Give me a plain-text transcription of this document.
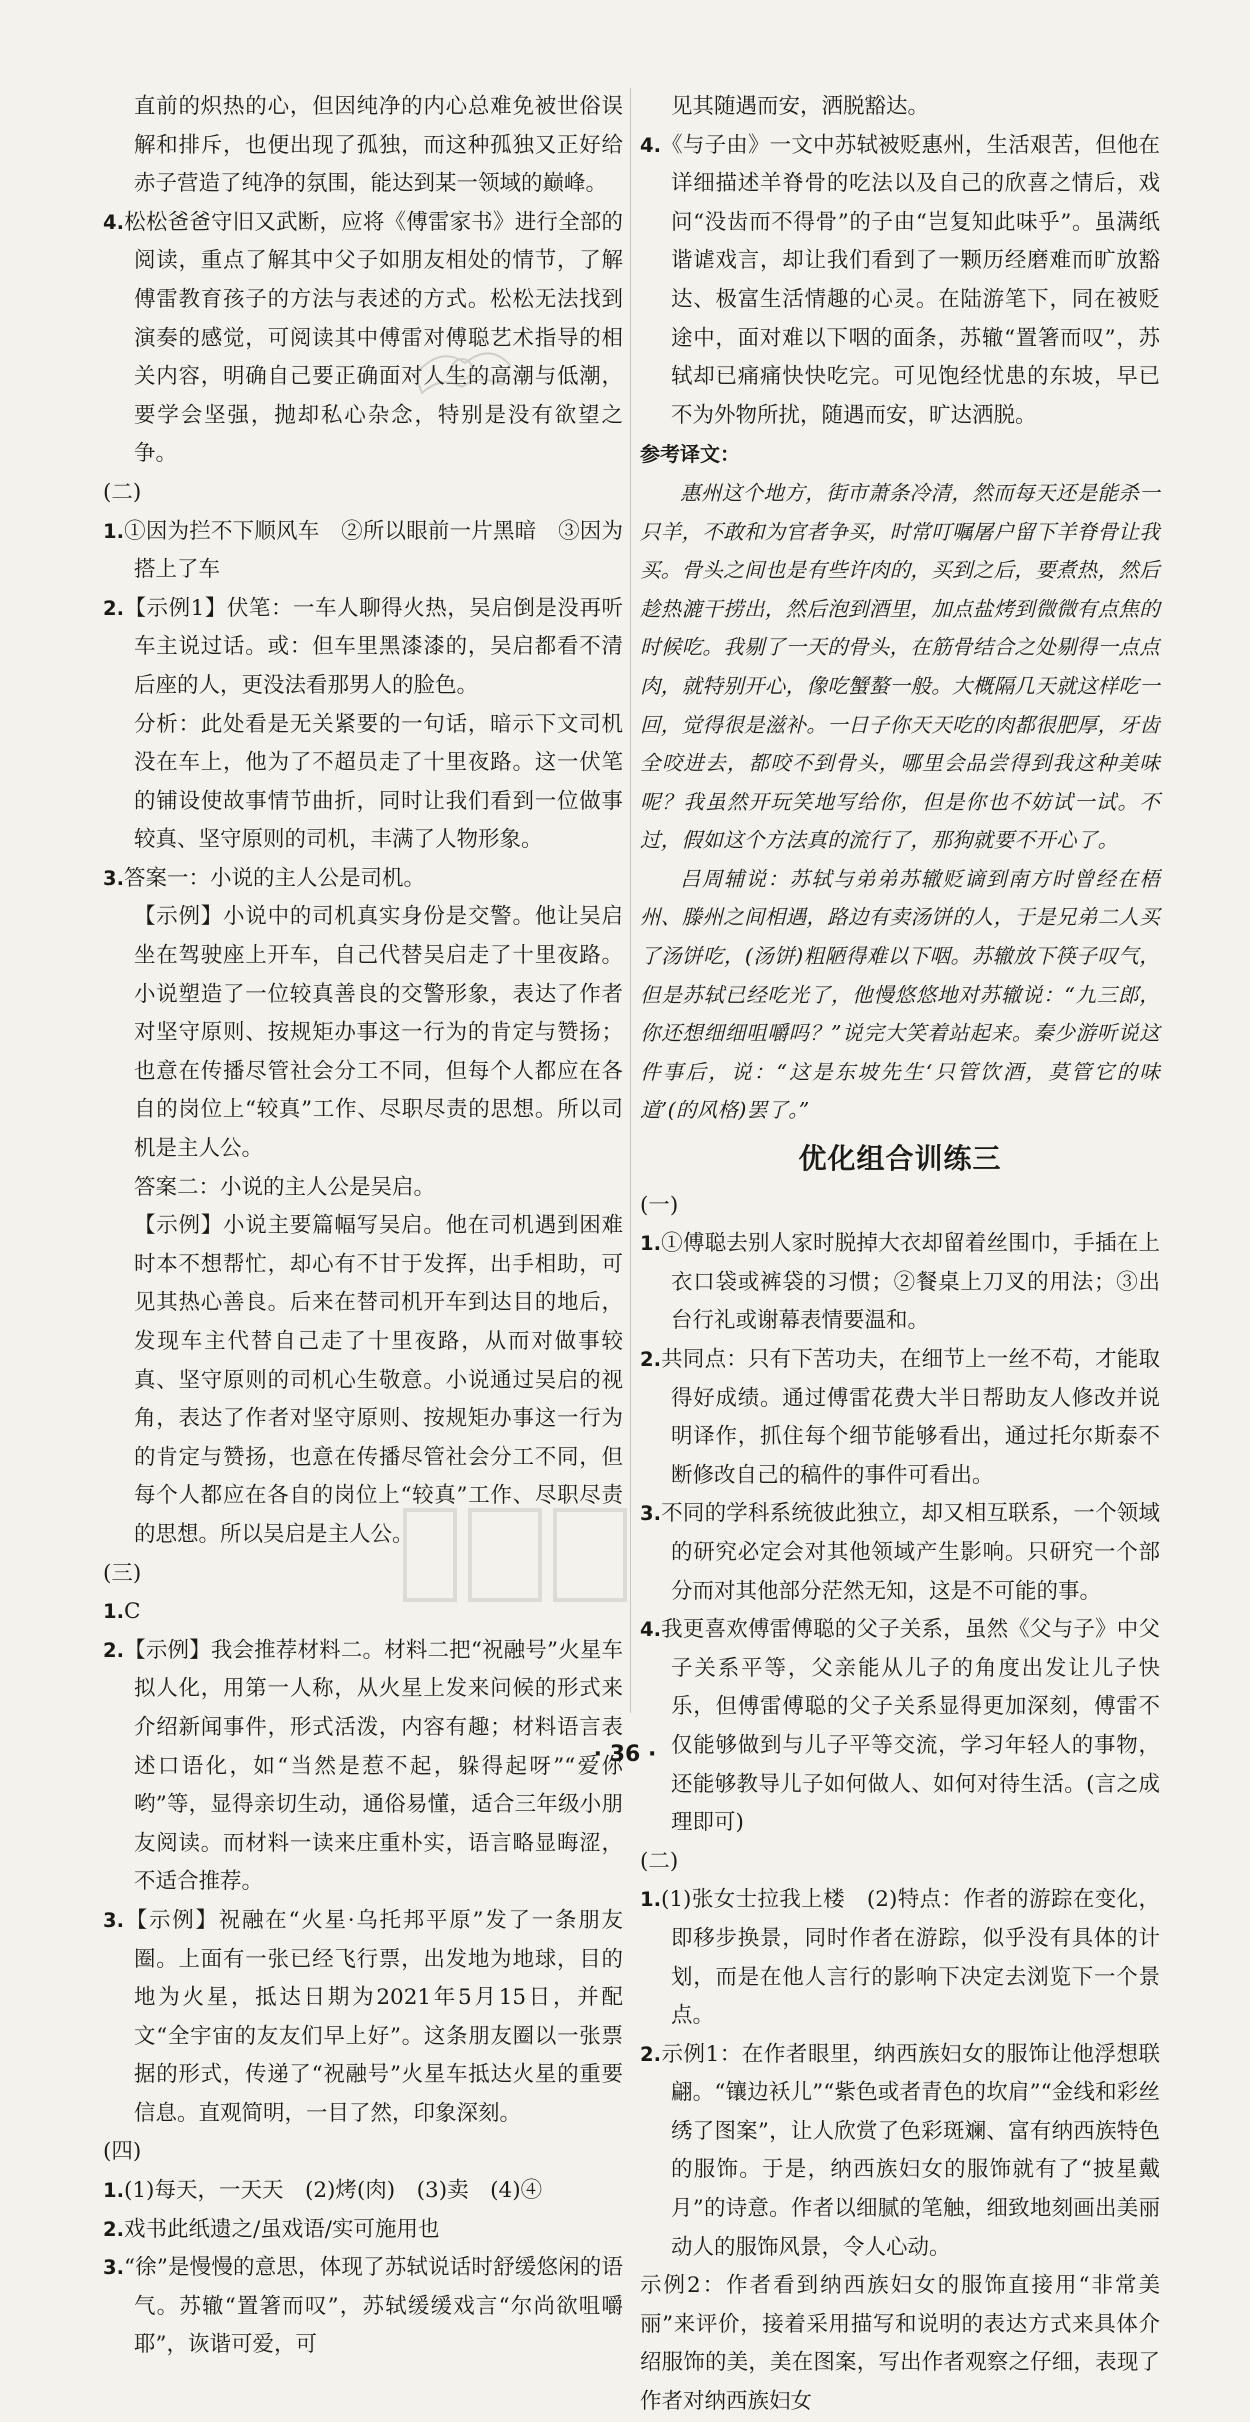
直前的炽热的心，但因纯净的内心总难免被世俗误解和排斥，也便出现了孤独，而这种孤独又正好给赤子营造了纯净的氛围，能达到某一领域的巅峰。

4.松松爸爸守旧又武断，应将《傅雷家书》进行全部的阅读，重点了解其中父子如朋友相处的情节，了解傅雷教育孩子的方法与表述的方式。松松无法找到演奏的感觉，可阅读其中傅雷对傅聪艺术指导的相关内容，明确自己要正确面对人生的高潮与低潮，要学会坚强，抛却私心杂念，特别是没有欲望之争。

(二)

1.①因为拦不下顺风车　②所以眼前一片黑暗　③因为搭上了车

2.【示例1】伏笔：一车人聊得火热，吴启倒是没再听车主说过话。或：但车里黑漆漆的，吴启都看不清后座的人，更没法看那男人的脸色。

分析：此处看是无关紧要的一句话，暗示下文司机没在车上，他为了不超员走了十里夜路。这一伏笔的铺设使故事情节曲折，同时让我们看到一位做事较真、坚守原则的司机，丰满了人物形象。

3.答案一：小说的主人公是司机。

【示例】小说中的司机真实身份是交警。他让吴启坐在驾驶座上开车，自己代替吴启走了十里夜路。小说塑造了一位较真善良的交警形象，表达了作者对坚守原则、按规矩办事这一行为的肯定与赞扬；也意在传播尽管社会分工不同，但每个人都应在各自的岗位上“较真”工作、尽职尽责的思想。所以司机是主人公。

答案二：小说的主人公是吴启。

【示例】小说主要篇幅写吴启。他在司机遇到困难时本不想帮忙，却心有不甘于发挥，出手相助，可见其热心善良。后来在替司机开车到达目的地后，发现车主代替自己走了十里夜路，从而对做事较真、坚守原则的司机心生敬意。小说通过吴启的视角，表达了作者对坚守原则、按规矩办事这一行为的肯定与赞扬，也意在传播尽管社会分工不同，但每个人都应在各自的岗位上“较真”工作、尽职尽责的思想。所以吴启是主人公。

(三)

1.C

2.【示例】我会推荐材料二。材料二把“祝融号”火星车拟人化，用第一人称，从火星上发来问候的形式来介绍新闻事件，形式活泼，内容有趣；材料语言表述口语化，如“当然是惹不起，躲得起呀”“爱你哟”等，显得亲切生动，通俗易懂，适合三年级小朋友阅读。而材料一读来庄重朴实，语言略显晦涩，不适合推荐。

3.【示例】祝融在“火星·乌托邦平原”发了一条朋友圈。上面有一张已经飞行票，出发地为地球，目的地为火星，抵达日期为2021年5月15日，并配文“全宇宙的友友们早上好”。这条朋友圈以一张票据的形式，传递了“祝融号”火星车抵达火星的重要信息。直观简明，一目了然，印象深刻。

(四)

1.(1)每天，一天天　(2)烤(肉)　(3)卖　(4)④

2.戏书此纸遗之/虽戏语/实可施用也

3.“徐”是慢慢的意思，体现了苏轼说话时舒缓悠闲的语气。苏辙“置箸而叹”，苏轼缓缓戏言“尔尚欲咀嚼耶”，诙谐可爱，可

见其随遇而安，洒脱豁达。

4.《与子由》一文中苏轼被贬惠州，生活艰苦，但他在详细描述羊脊骨的吃法以及自己的欣喜之情后，戏问“没齿而不得骨”的子由“岂复知此味乎”。虽满纸谐谑戏言，却让我们看到了一颗历经磨难而旷放豁达、极富生活情趣的心灵。在陆游笔下，同在被贬途中，面对难以下咽的面条，苏辙“置箸而叹”，苏轼却已痛痛快快吃完。可见饱经忧患的东坡，早已不为外物所扰，随遇而安，旷达洒脱。

参考译文：

惠州这个地方，街市萧条冷清，然而每天还是能杀一只羊，不敢和为官者争买，时常叮嘱屠户留下羊脊骨让我买。骨头之间也是有些许肉的，买到之后，要煮热，然后趁热漉干捞出，然后泡到酒里，加点盐烤到微微有点焦的时候吃。我剔了一天的骨头，在筋骨结合之处剔得一点点肉，就特别开心，像吃蟹螯一般。大概隔几天就这样吃一回，觉得很是滋补。一日子你天天吃的肉都很肥厚，牙齿全咬进去，都咬不到骨头，哪里会品尝得到我这种美味呢？我虽然开玩笑地写给你，但是你也不妨试一试。不过，假如这个方法真的流行了，那狗就要不开心了。

吕周辅说：苏轼与弟弟苏辙贬谪到南方时曾经在梧州、滕州之间相遇，路边有卖汤饼的人，于是兄弟二人买了汤饼吃，(汤饼)粗陋得难以下咽。苏辙放下筷子叹气，但是苏轼已经吃光了，他慢悠悠地对苏辙说：“九三郎，你还想细细咀嚼吗？”说完大笑着站起来。秦少游听说这件事后，说：“这是东坡先生‘只管饮酒，莫管它的味道’(的风格)罢了。”

优化组合训练三

(一)

1.①傅聪去别人家时脱掉大衣却留着丝围巾，手插在上衣口袋或裤袋的习惯；②餐桌上刀叉的用法；③出台行礼或谢幕表情要温和。

2.共同点：只有下苦功夫，在细节上一丝不苟，才能取得好成绩。通过傅雷花费大半日帮助友人修改并说明译作，抓住每个细节能够看出，通过托尔斯泰不断修改自己的稿件的事件可看出。

3.不同的学科系统彼此独立，却又相互联系，一个领域的研究必定会对其他领域产生影响。只研究一个部分而对其他部分茫然无知，这是不可能的事。

4.我更喜欢傅雷傅聪的父子关系，虽然《父与子》中父子关系平等，父亲能从儿子的角度出发让儿子快乐，但傅雷傅聪的父子关系显得更加深刻，傅雷不仅能够做到与儿子平等交流，学习年轻人的事物，还能够教导儿子如何做人、如何对待生活。(言之成理即可)

(二)

1.(1)张女士拉我上楼　(2)特点：作者的游踪在变化，即移步换景，同时作者在游踪，似乎没有具体的计划，而是在他人言行的影响下决定去浏览下一个景点。

2.示例1：在作者眼里，纳西族妇女的服饰让他浮想联翩。“镶边袄儿”“紫色或者青色的坎肩”“金线和彩丝绣了图案”，让人欣赏了色彩斑斓、富有纳西族特色的服饰。于是，纳西族妇女的服饰就有了“披星戴月”的诗意。作者以细腻的笔触，细致地刻画出美丽动人的服饰风景，令人心动。

示例2：作者看到纳西族妇女的服饰直接用“非常美丽”来评价，接着采用描写和说明的表达方式来具体介绍服饰的美，美在图案，写出作者观察之仔细，表现了作者对纳西族妇女

· 36 ·
